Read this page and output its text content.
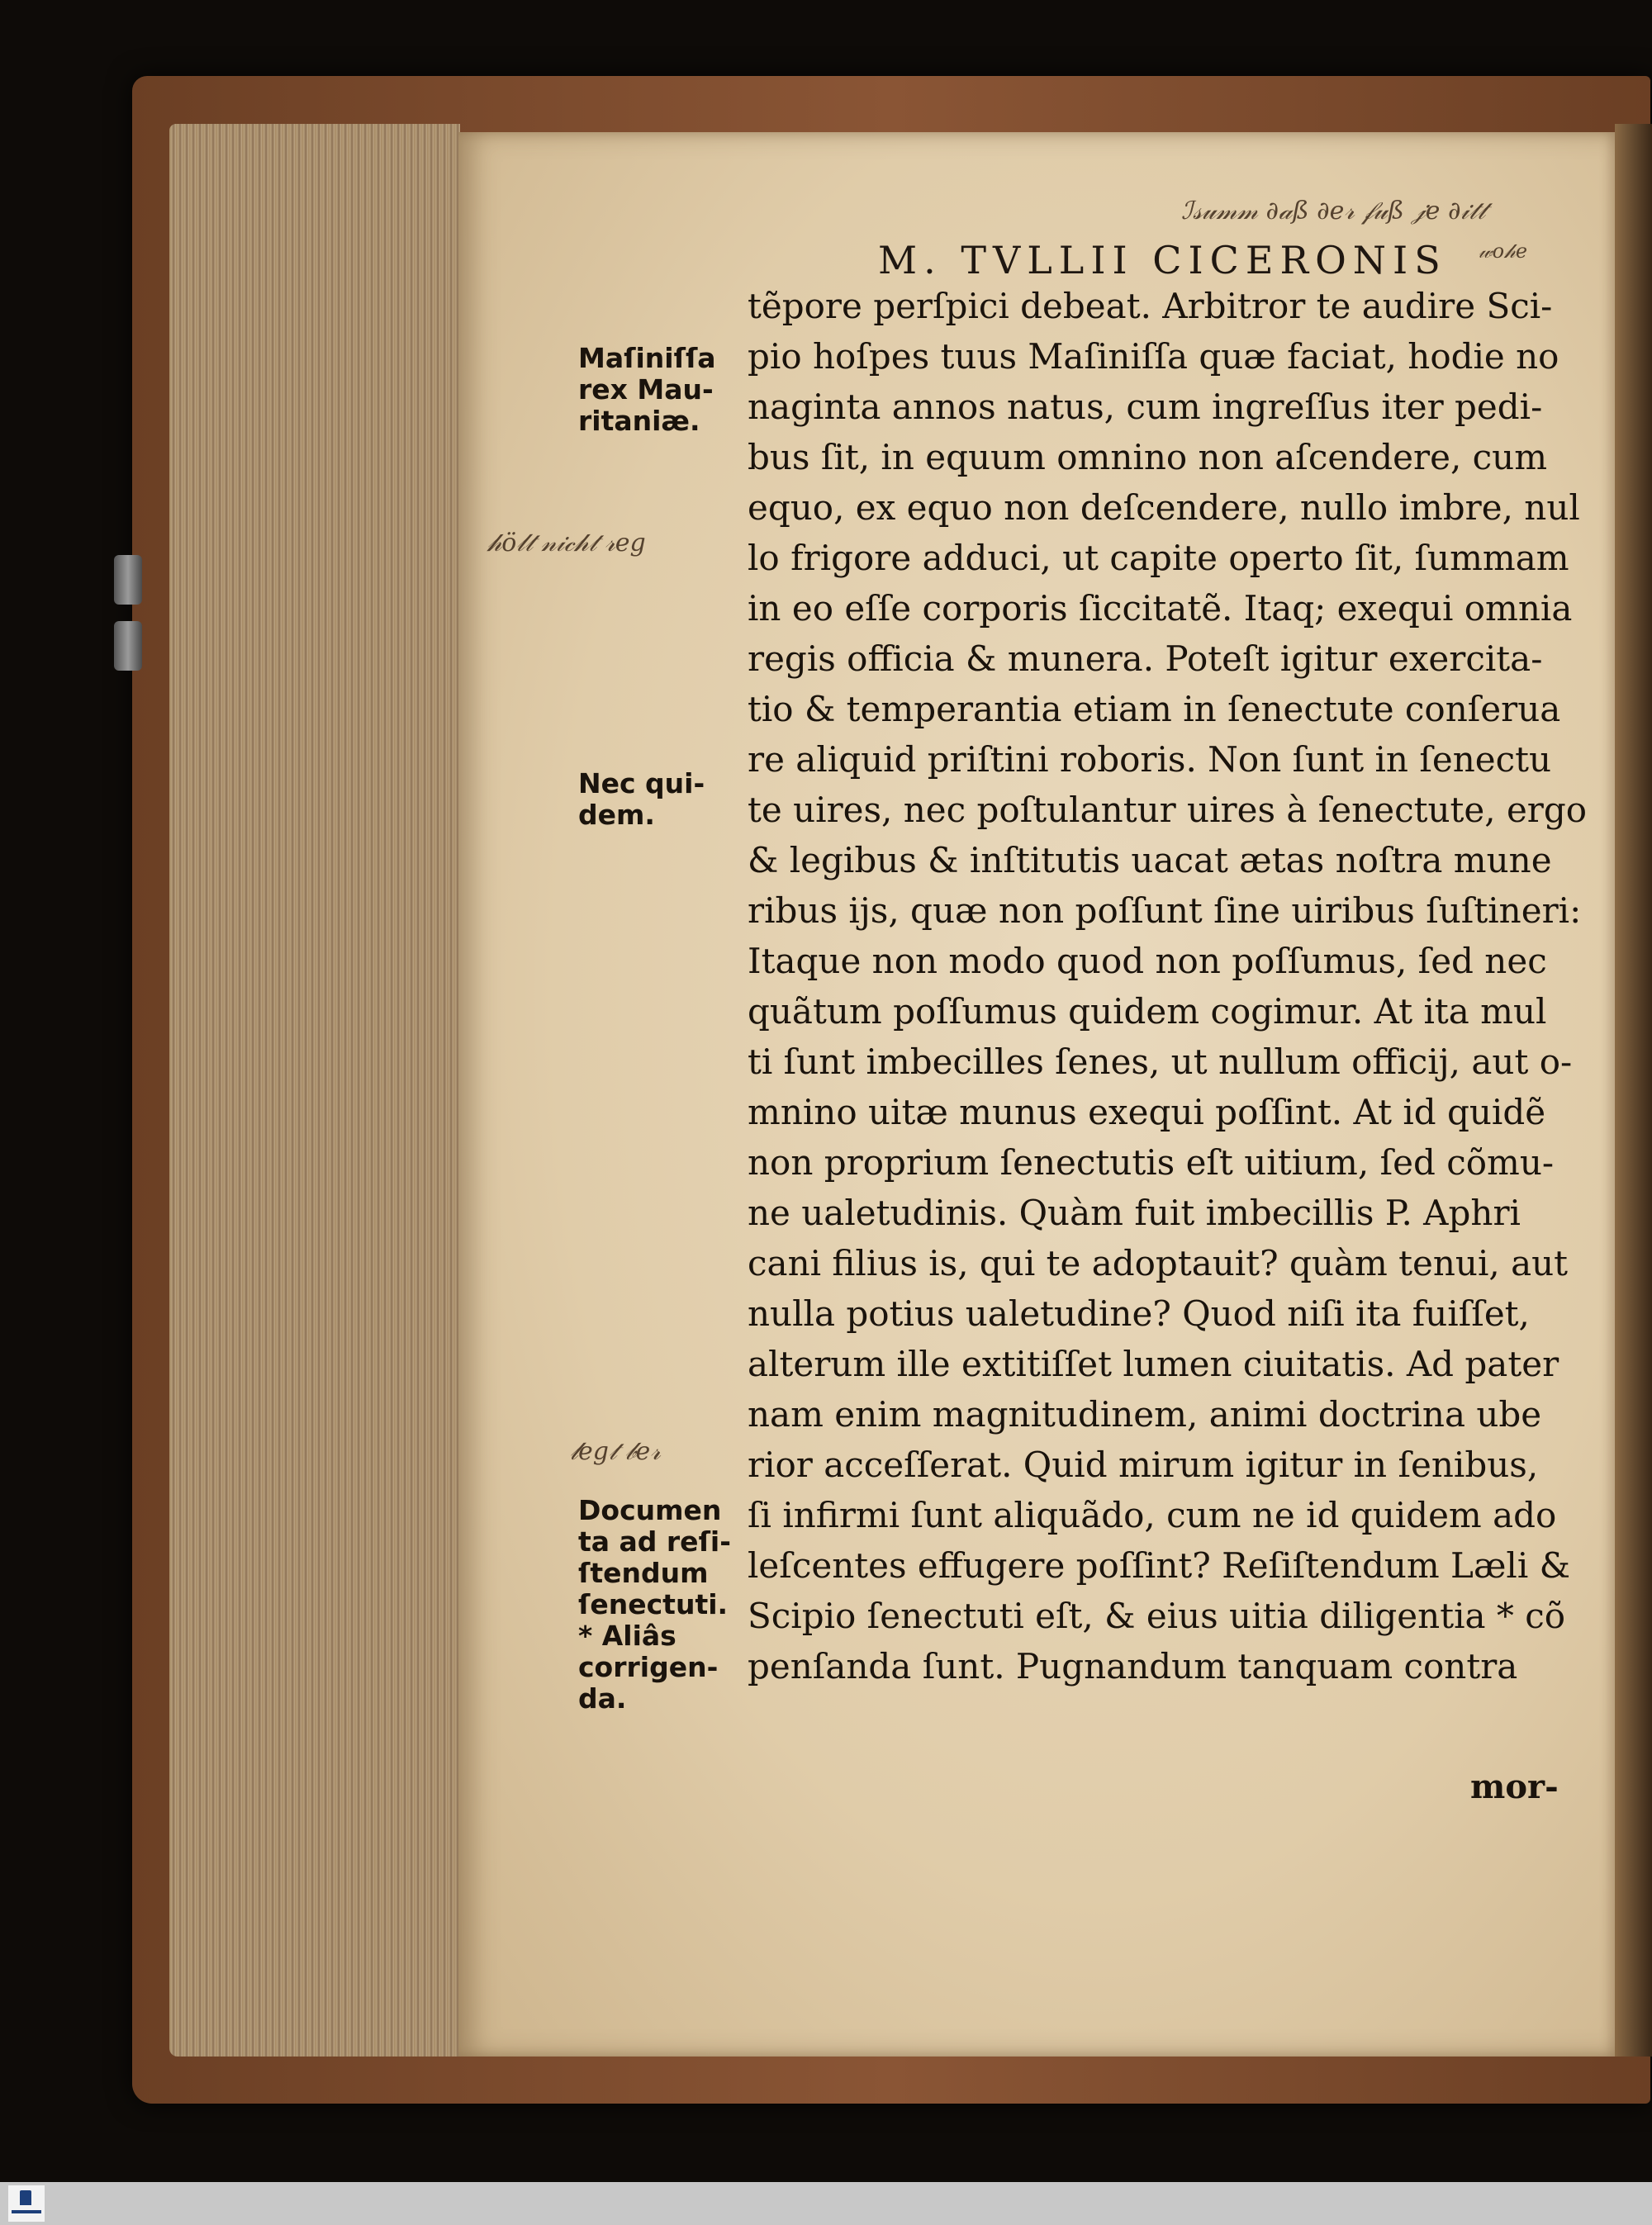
ℐ𝓈𝓊𝓂𝓂 ∂𝒶ß ∂𝑒𝓇 𝒻𝓊ß 𝒿𝑒 ∂𝒾𝓉𝓉
𝓌𝑜𝒽𝑒
𝒽ö𝓁𝓉 𝓃𝒾𝒸𝒽𝓉 𝓇𝑒𝑔
𝓁𝑒𝑔𝓉 𝒷𝑒𝓇
M. TVLLII CICERONIS
tẽpore perſpici debeat. Arbitror te audire Sci-
pio hoſpes tuus Maſiniſſa quæ faciat, hodie no
naginta annos natus, cum ingreſſus iter pedi-
bus ſit, in equum omnino non aſcendere, cum
equo, ex equo non deſcendere, nullo imbre, nul
lo frigore adduci, ut capite operto ſit, ſummam
in eo eſſe corporis ſiccitatẽ. Itaq; exequi omnia
regis officia & munera. Poteſt igitur exercita-
tio & temperantia etiam in ſenectute conſerua
re aliquid priſtini roboris. Non ſunt in ſenectu
te uires, nec poſtulantur uires à ſenectute, ergo
& legibus & inſtitutis uacat ætas noſtra mune
ribus ijs, quæ non poſſunt ſine uiribus ſuſtineri:
Itaque non modo quod non poſſumus, ſed nec
quãtum poſſumus quidem cogimur. At ita mul
ti ſunt imbecilles ſenes, ut nullum officij, aut o-
mnino uitæ munus exequi poſſint. At id quidẽ
non proprium ſenectutis eſt uitium, ſed cõmu-
ne ualetudinis. Quàm fuit imbecillis P. Aphri
cani filius is, qui te adoptauit? quàm tenui, aut
nulla potius ualetudine? Quod niſi ita fuiſſet,
alterum ille extitiſſet lumen ciuitatis. Ad pater
nam enim magnitudinem, animi doctrina ube
rior acceſſerat. Quid mirum igitur in ſenibus,
ſi infirmi ſunt aliquãdo, cum ne id quidem ado
leſcentes effugere poſſint? Reſiſtendum Læli &
Scipio ſenectuti eſt, & eius uitia diligentia * cõ
penſanda ſunt. Pugnandum tanquam contra
mor-
Maſiniſſa
rex Mau-
ritaniæ.
Nec qui-
dem.
Documen
ta ad reſi-
ſtendum
ſenectuti.
* Aliâs
corrigen-
da.
